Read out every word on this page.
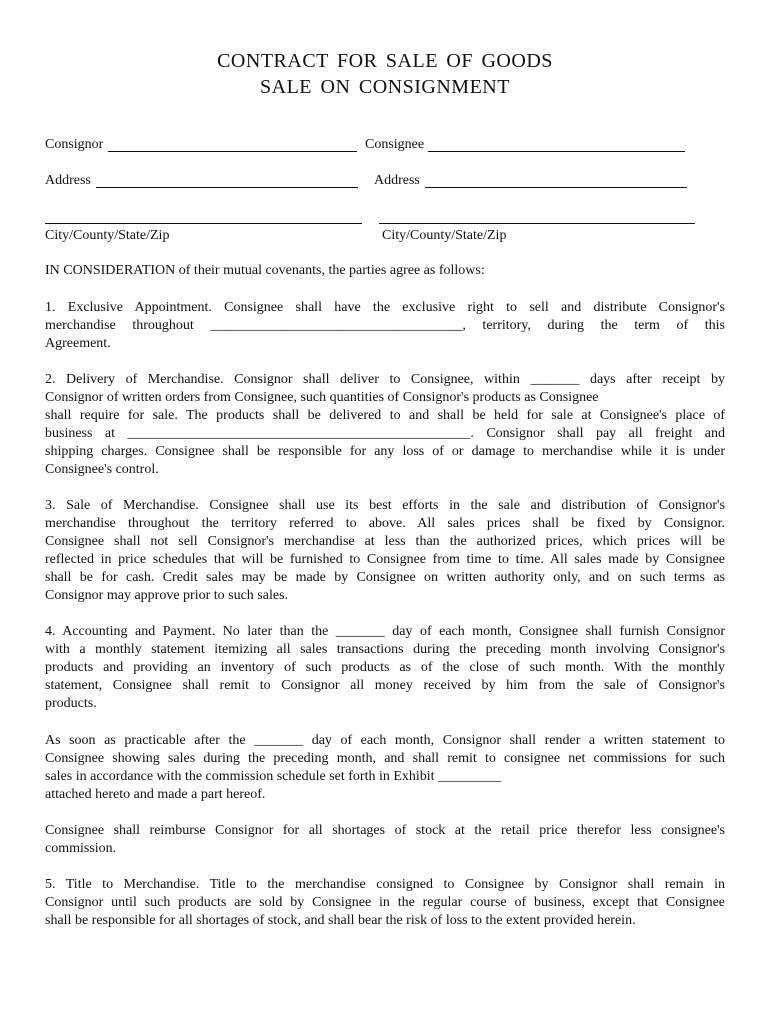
CONTRACT FOR SALE OF GOODS
SALE ON CONSIGNMENT
Consignor	Consignee
Address	Address
City/County/State/Zip	City/County/State/Zip
IN CONSIDERATION of their mutual covenants, the parties agree as follows:
1. Exclusive Appointment. Consignee shall have the exclusive right to sell and distribute Consignor's
merchandise throughout ____________________________________, territory, during the term of this
Agreement.
2. Delivery of Merchandise. Consignor shall deliver to Consignee, within _______ days after receipt by
Consignor of written orders from Consignee, such quantities of Consignor's products as Consignee
shall require for sale. The products shall be delivered to and shall be held for sale at Consignee's place of
business at _________________________________________________. Consignor shall pay all freight and
shipping charges. Consignee shall be responsible for any loss of or damage to merchandise while it is under
Consignee's control.
3. Sale of Merchandise. Consignee shall use its best efforts in the sale and distribution of Consignor's
merchandise throughout the territory referred to above. All sales prices shall be fixed by Consignor.
Consignee shall not sell Consignor's merchandise at less than the authorized prices, which prices will be
reflected in price schedules that will be furnished to Consignee from time to time. All sales made by Consignee
shall be for cash. Credit sales may be made by Consignee on written authority only, and on such terms as
Consignor may approve prior to such sales.
4. Accounting and Payment. No later than the _______ day of each month, Consignee shall furnish Consignor
with a monthly statement itemizing all sales transactions during the preceding month involving Consignor's
products and providing an inventory of such products as of the close of such month. With the monthly
statement, Consignee shall remit to Consignor all money received by him from the sale of Consignor's
products.
As soon as practicable after the _______ day of each month, Consignor shall render a written statement to
Consignee showing sales during the preceding month, and shall remit to consignee net commissions for such
sales in accordance with the commission schedule set forth in Exhibit _________
attached hereto and made a part hereof.
Consignee shall reimburse Consignor for all shortages of stock at the retail price therefor less consignee's
commission.
5. Title to Merchandise. Title to the merchandise consigned to Consignee by Consignor shall remain in
Consignor until such products are sold by Consignee in the regular course of business, except that Consignee
shall be responsible for all shortages of stock, and shall bear the risk of loss to the extent provided herein.
